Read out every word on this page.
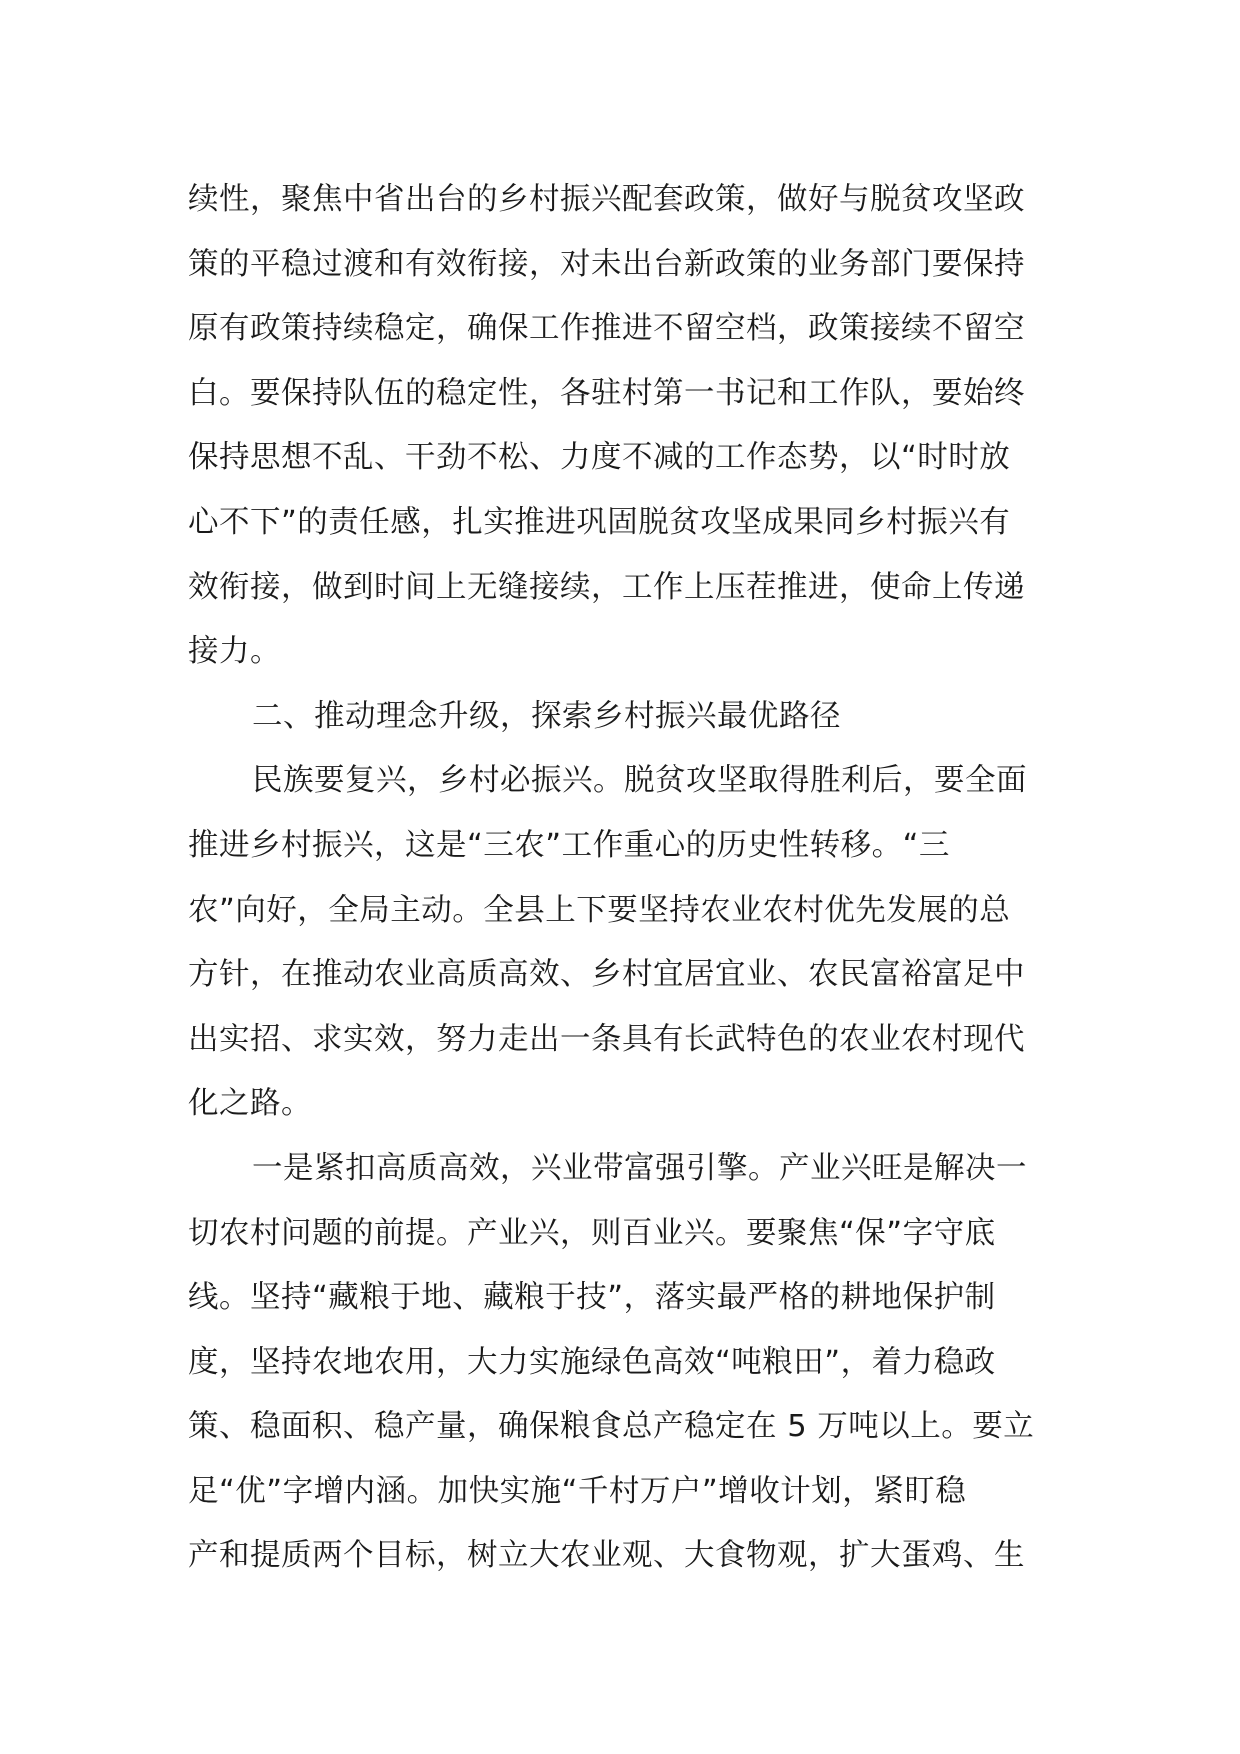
续性，聚焦中省出台的乡村振兴配套政策，做好与脱贫攻坚政
策的平稳过渡和有效衔接，对未出台新政策的业务部门要保持
原有政策持续稳定，确保工作推进不留空档，政策接续不留空
白。要保持队伍的稳定性，各驻村第一书记和工作队，要始终
保持思想不乱、干劲不松、力度不减的工作态势，以“时时放
心不下”的责任感，扎实推进巩固脱贫攻坚成果同乡村振兴有
效衔接，做到时间上无缝接续，工作上压茬推进，使命上传递
接力。
二、推动理念升级，探索乡村振兴最优路径
民族要复兴，乡村必振兴。脱贫攻坚取得胜利后，要全面
推进乡村振兴，这是“三农”工作重心的历史性转移。“三
农”向好，全局主动。全县上下要坚持农业农村优先发展的总
方针，在推动农业高质高效、乡村宜居宜业、农民富裕富足中
出实招、求实效，努力走出一条具有长武特色的农业农村现代
化之路。
一是紧扣高质高效，兴业带富强引擎。产业兴旺是解决一
切农村问题的前提。产业兴，则百业兴。要聚焦“保”字守底
线。坚持“藏粮于地、藏粮于技”，落实最严格的耕地保护制
度，坚持农地农用，大力实施绿色高效“吨粮田”，着力稳政
策、稳面积、稳产量，确保粮食总产稳定在 5 万吨以上。要立
足“优”字增内涵。加快实施“千村万户”增收计划，紧盯稳
产和提质两个目标，树立大农业观、大食物观，扩大蛋鸡、生
